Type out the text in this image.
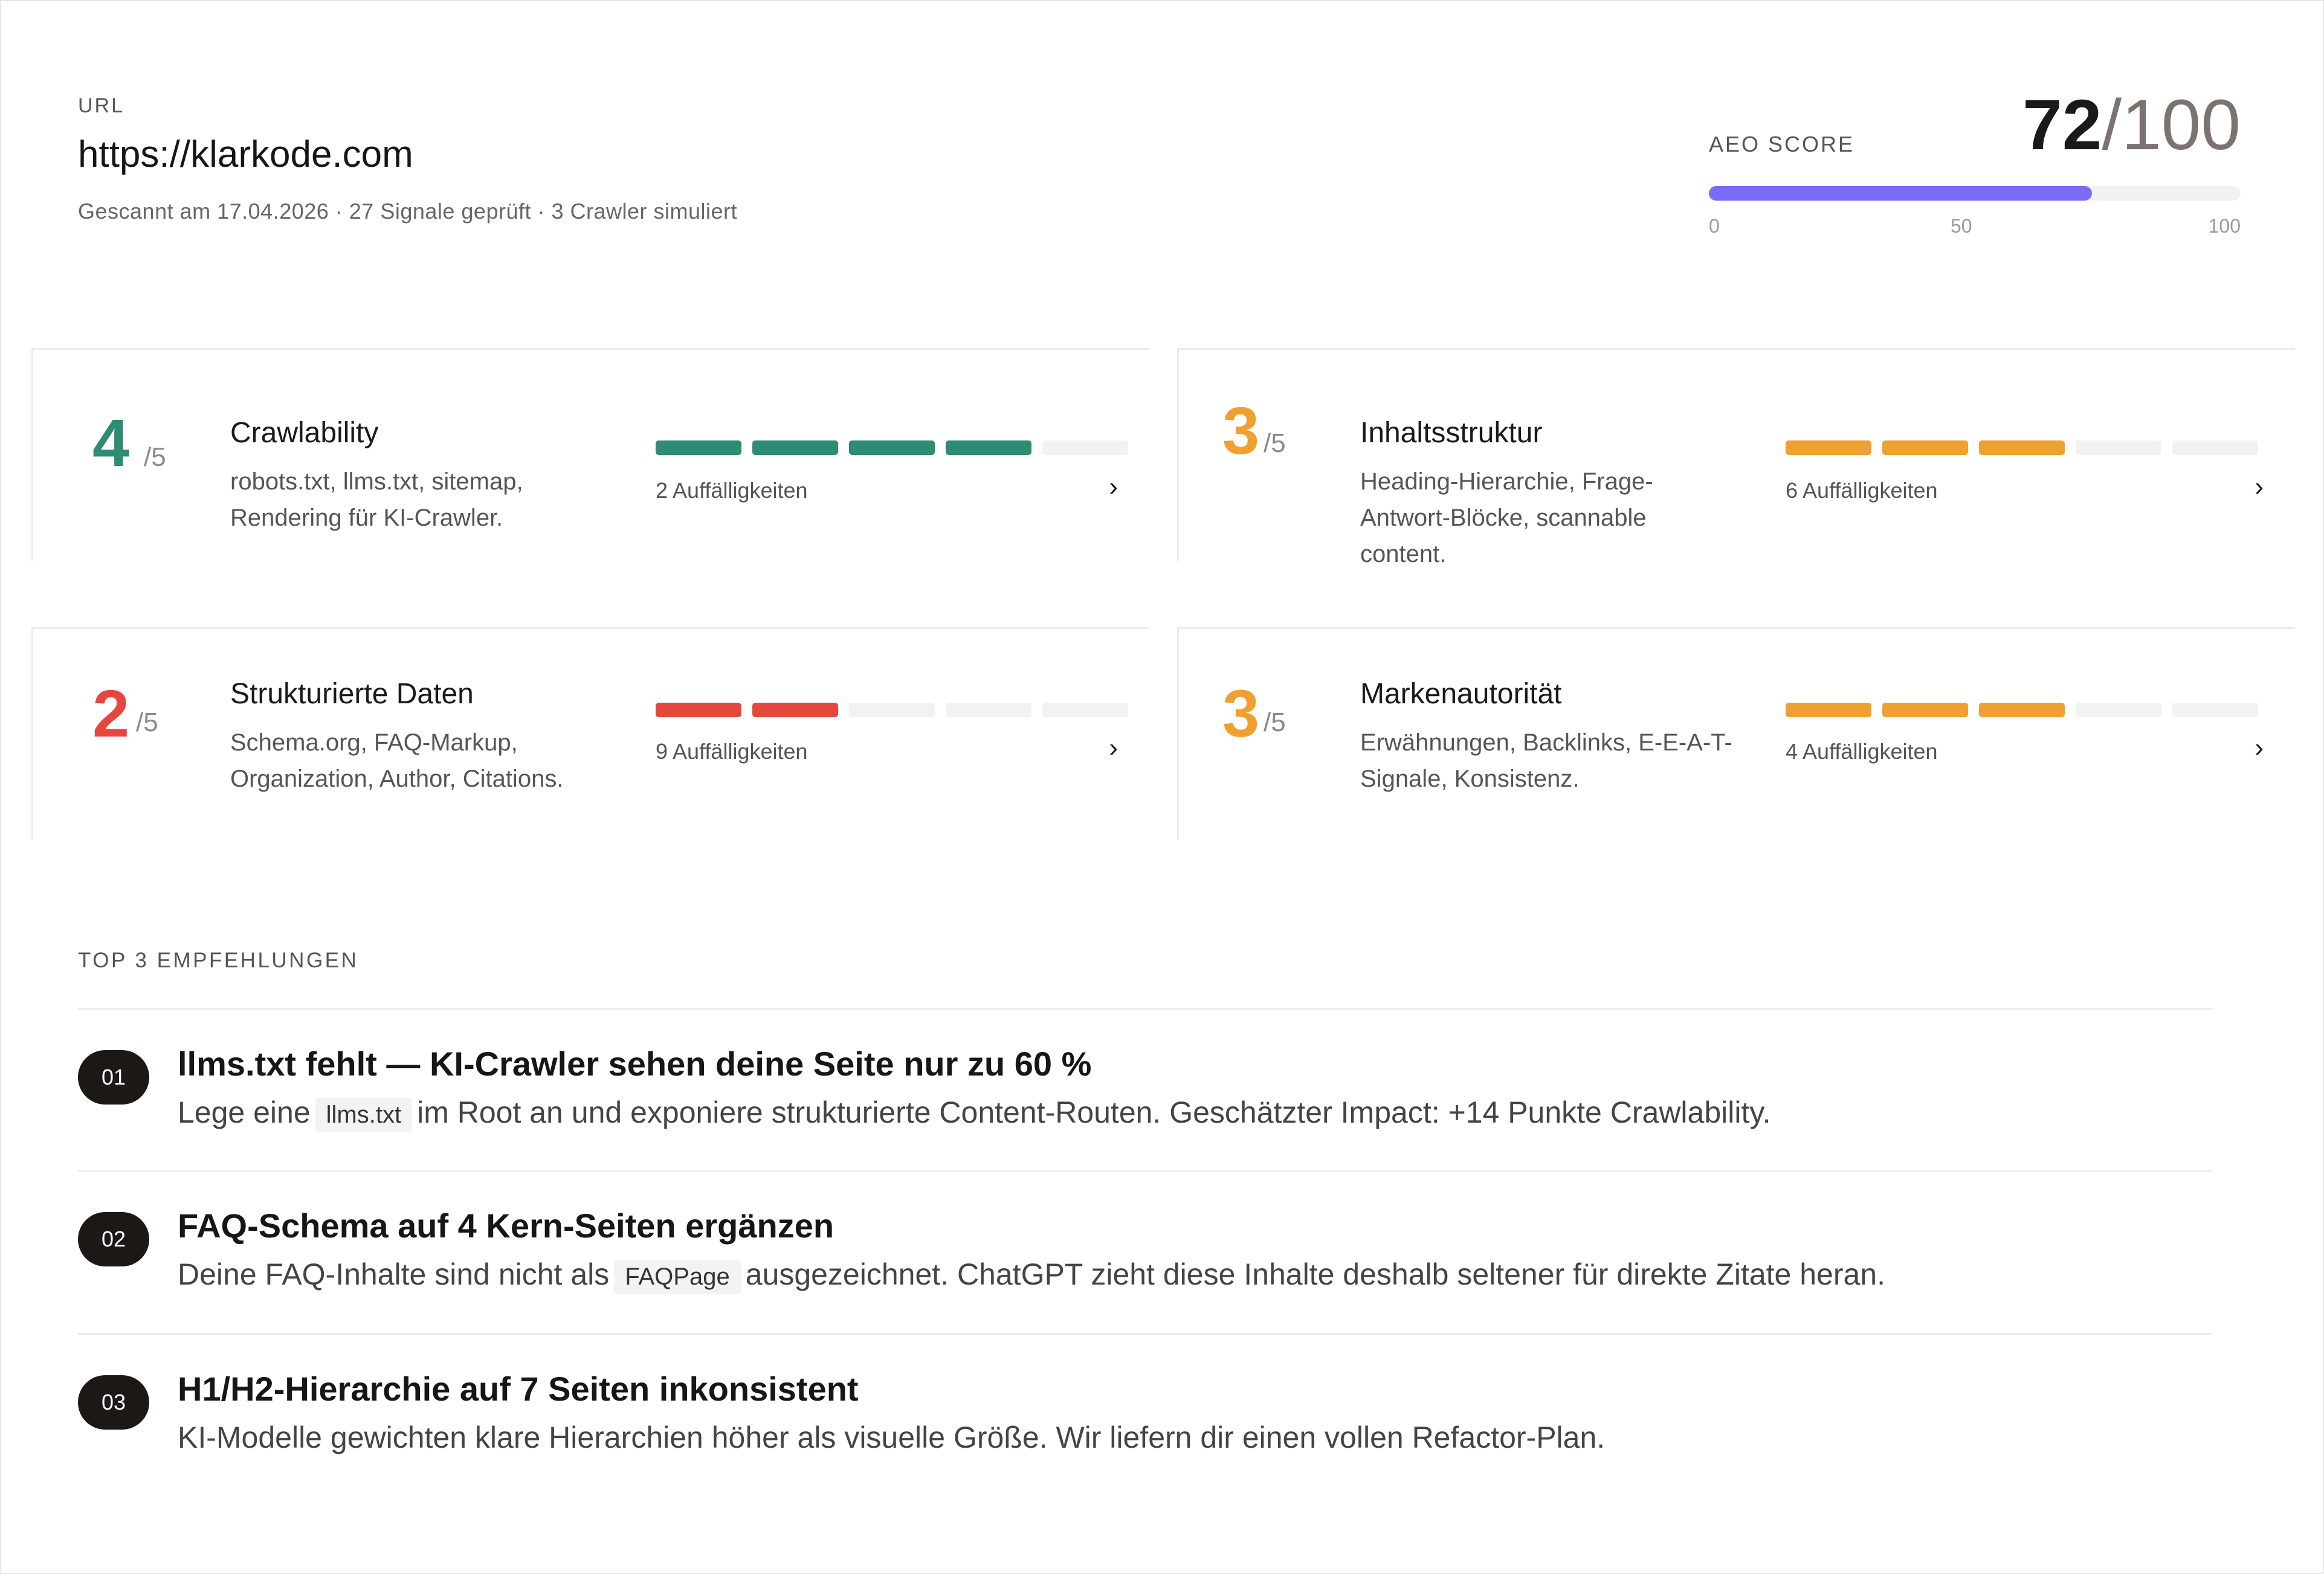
URL
https://klarkode.com
Gescannt am 17.04.2026 · 27 Signale geprüft · 3 Crawler simuliert
AEO SCORE 72/100
0	50	100
4 /5
Crawlability
robots.txt, llms.txt, sitemap, Rendering für KI-Crawler.
2 Auffälligkeiten	›
3 /5	Inhaltsstruktur
Heading-Hierarchie, Frage-Antwort-Blöcke, scannable content.
6 Auffälligkeiten	›
2 /5
Strukturierte Daten
Schema.org, FAQ-Markup, Organization, Author, Citations.
9 Auffälligkeiten	› 3 /5
Markenautorität
Erwähnungen, Backlinks, E-E-A-T-Signale, Konsistenz.
4 Auffälligkeiten	›
TOP 3 EMPFEHLUNGEN
01	llms.txt fehlt — KI-Crawler sehen deine Seite nur zu 60 %
Lege eine llms.txt im Root an und exponiere strukturierte Content-Routen. Geschätzter Impact: +14 Punkte Crawlability.
02	FAQ-Schema auf 4 Kern-Seiten ergänzen
Deine FAQ-Inhalte sind nicht als FAQPage ausgezeichnet. ChatGPT zieht diese Inhalte deshalb seltener für direkte Zitate heran.
03	H1/H2-Hierarchie auf 7 Seiten inkonsistent
KI-Modelle gewichten klare Hierarchien höher als visuelle Größe. Wir liefern dir einen vollen Refactor-Plan.
